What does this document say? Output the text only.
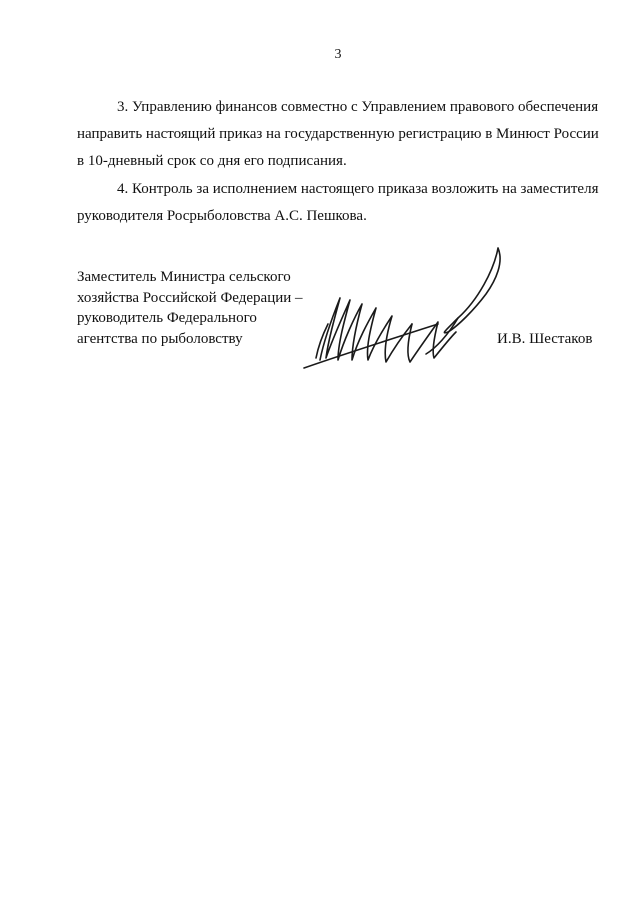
3
3. Управлению финансов совместно с Управлением правового обеспечения
направить настоящий приказ на государственную регистрацию в Минюст России
в 10-дневный срок со дня его подписания.
4. Контроль за исполнением настоящего приказа возложить на заместителя
руководителя Росрыболовства А.С. Пешкова.
Заместитель Министра сельского
хозяйства Российской Федерации –
руководитель Федерального
агентства по рыболовству	И.В. Шестаков
